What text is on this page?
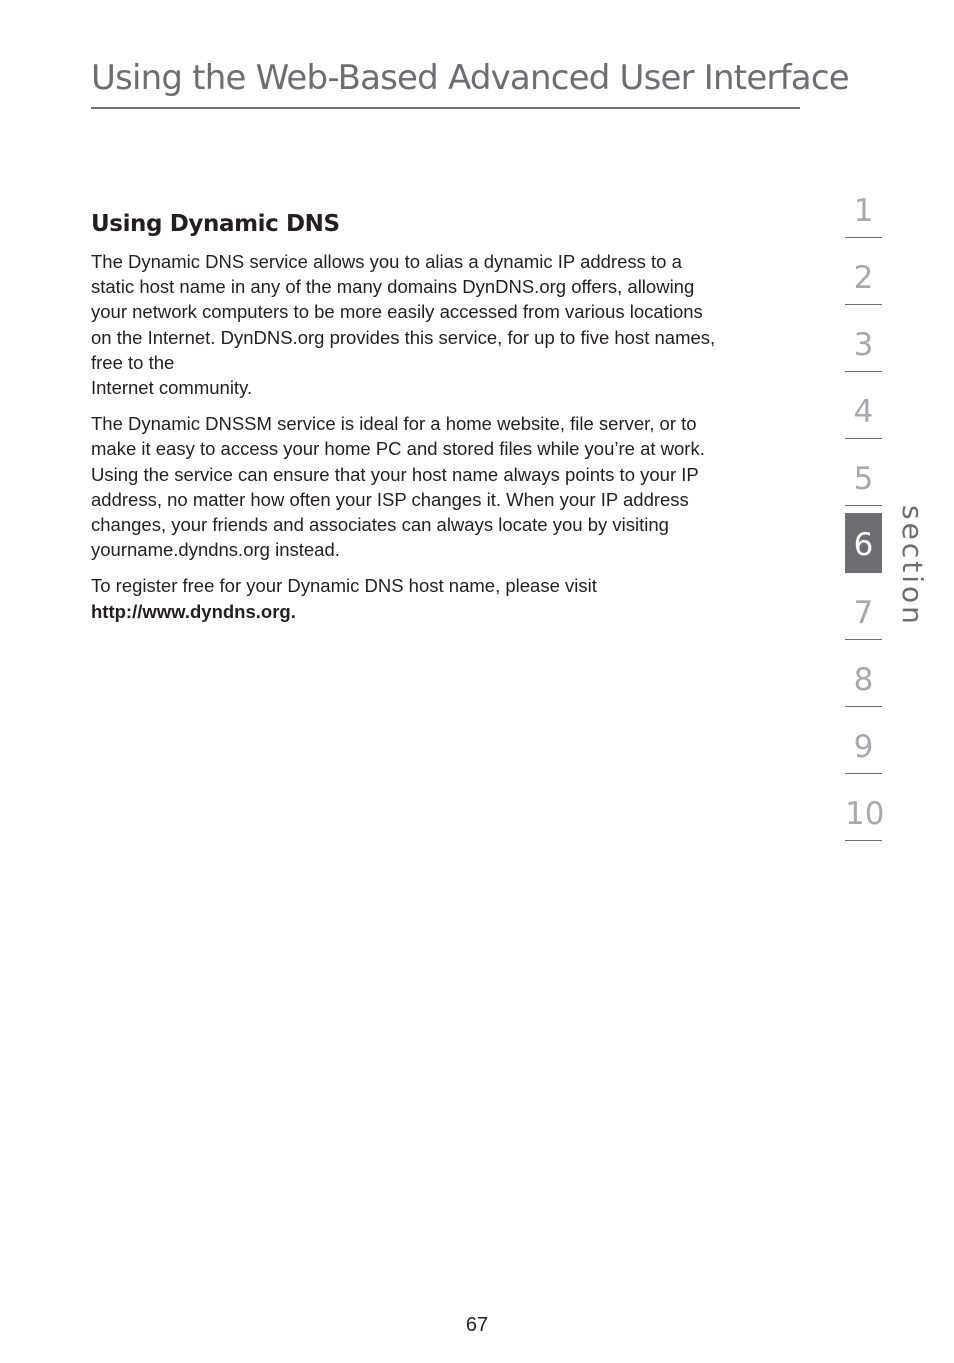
Using the Web-Based Advanced User Interface
Using Dynamic DNS

The Dynamic DNS service allows you to alias a dynamic IP address to a
static host name in any of the many domains DynDNS.org offers, allowing
your network computers to be more easily accessed from various locations
on the Internet. DynDNS.org provides this service, for up to five host names,
free to the
Internet community.

The Dynamic DNSSM service is ideal for a home website, file server, or to
make it easy to access your home PC and stored files while you’re at work.
Using the service can ensure that your host name always points to your IP
address, no matter how often your ISP changes it. When your IP address
changes, your friends and associates can always locate you by visiting
yourname.dyndns.org instead.

To register free for your Dynamic DNS host name, please visit
http://www.dyndns.org.

1
2
3
4
5
6
7
8
9
10
section
67
